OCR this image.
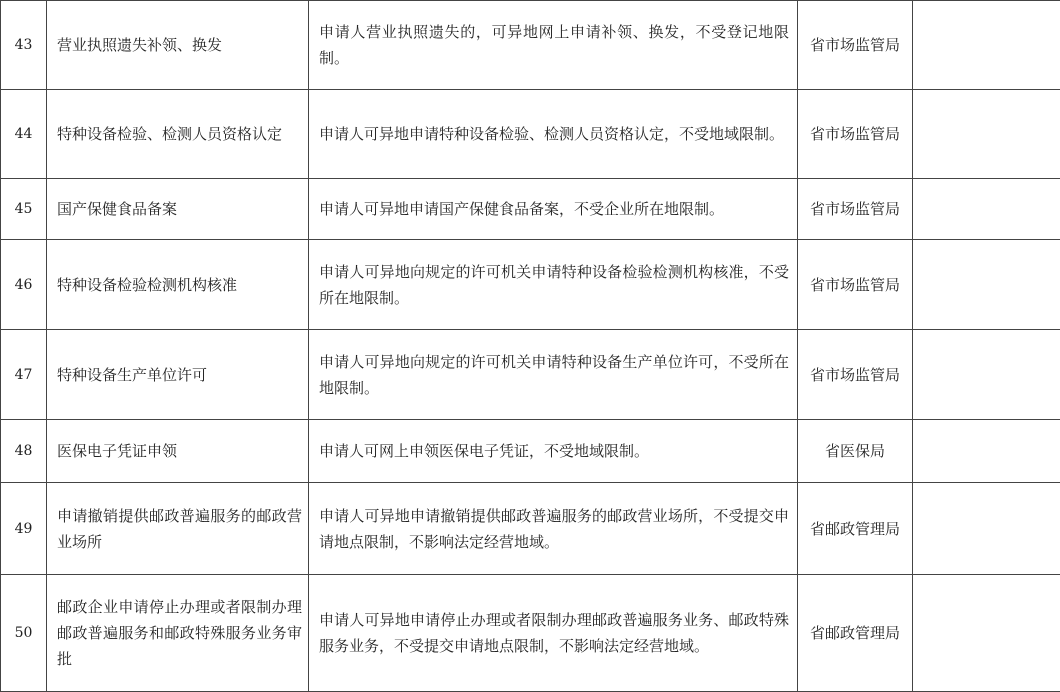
43	营业执照遗失补领、换发	申请人营业执照遗失的，可异地网上申请补领、换发，不受登记地限制。	省市场监管局	
44	特种设备检验、检测人员资格认定	申请人可异地申请特种设备检验、检测人员资格认定，不受地域限制。	省市场监管局	
45	国产保健食品备案	申请人可异地申请国产保健食品备案，不受企业所在地限制。	省市场监管局	
46	特种设备检验检测机构核准	申请人可异地向规定的许可机关申请特种设备检验检测机构核准，不受所在地限制。	省市场监管局	
47	特种设备生产单位许可	申请人可异地向规定的许可机关申请特种设备生产单位许可，不受所在地限制。	省市场监管局	
48	医保电子凭证申领	申请人可网上申领医保电子凭证，不受地域限制。	省医保局	
49	申请撤销提供邮政普遍服务的邮政营业场所	申请人可异地申请撤销提供邮政普遍服务的邮政营业场所，不受提交申请地点限制，不影响法定经营地域。	省邮政管理局	
50	邮政企业申请停止办理或者限制办理邮政普遍服务和邮政特殊服务业务审批	申请人可异地申请停止办理或者限制办理邮政普遍服务业务、邮政特殊服务业务，不受提交申请地点限制，不影响法定经营地域。	省邮政管理局	
